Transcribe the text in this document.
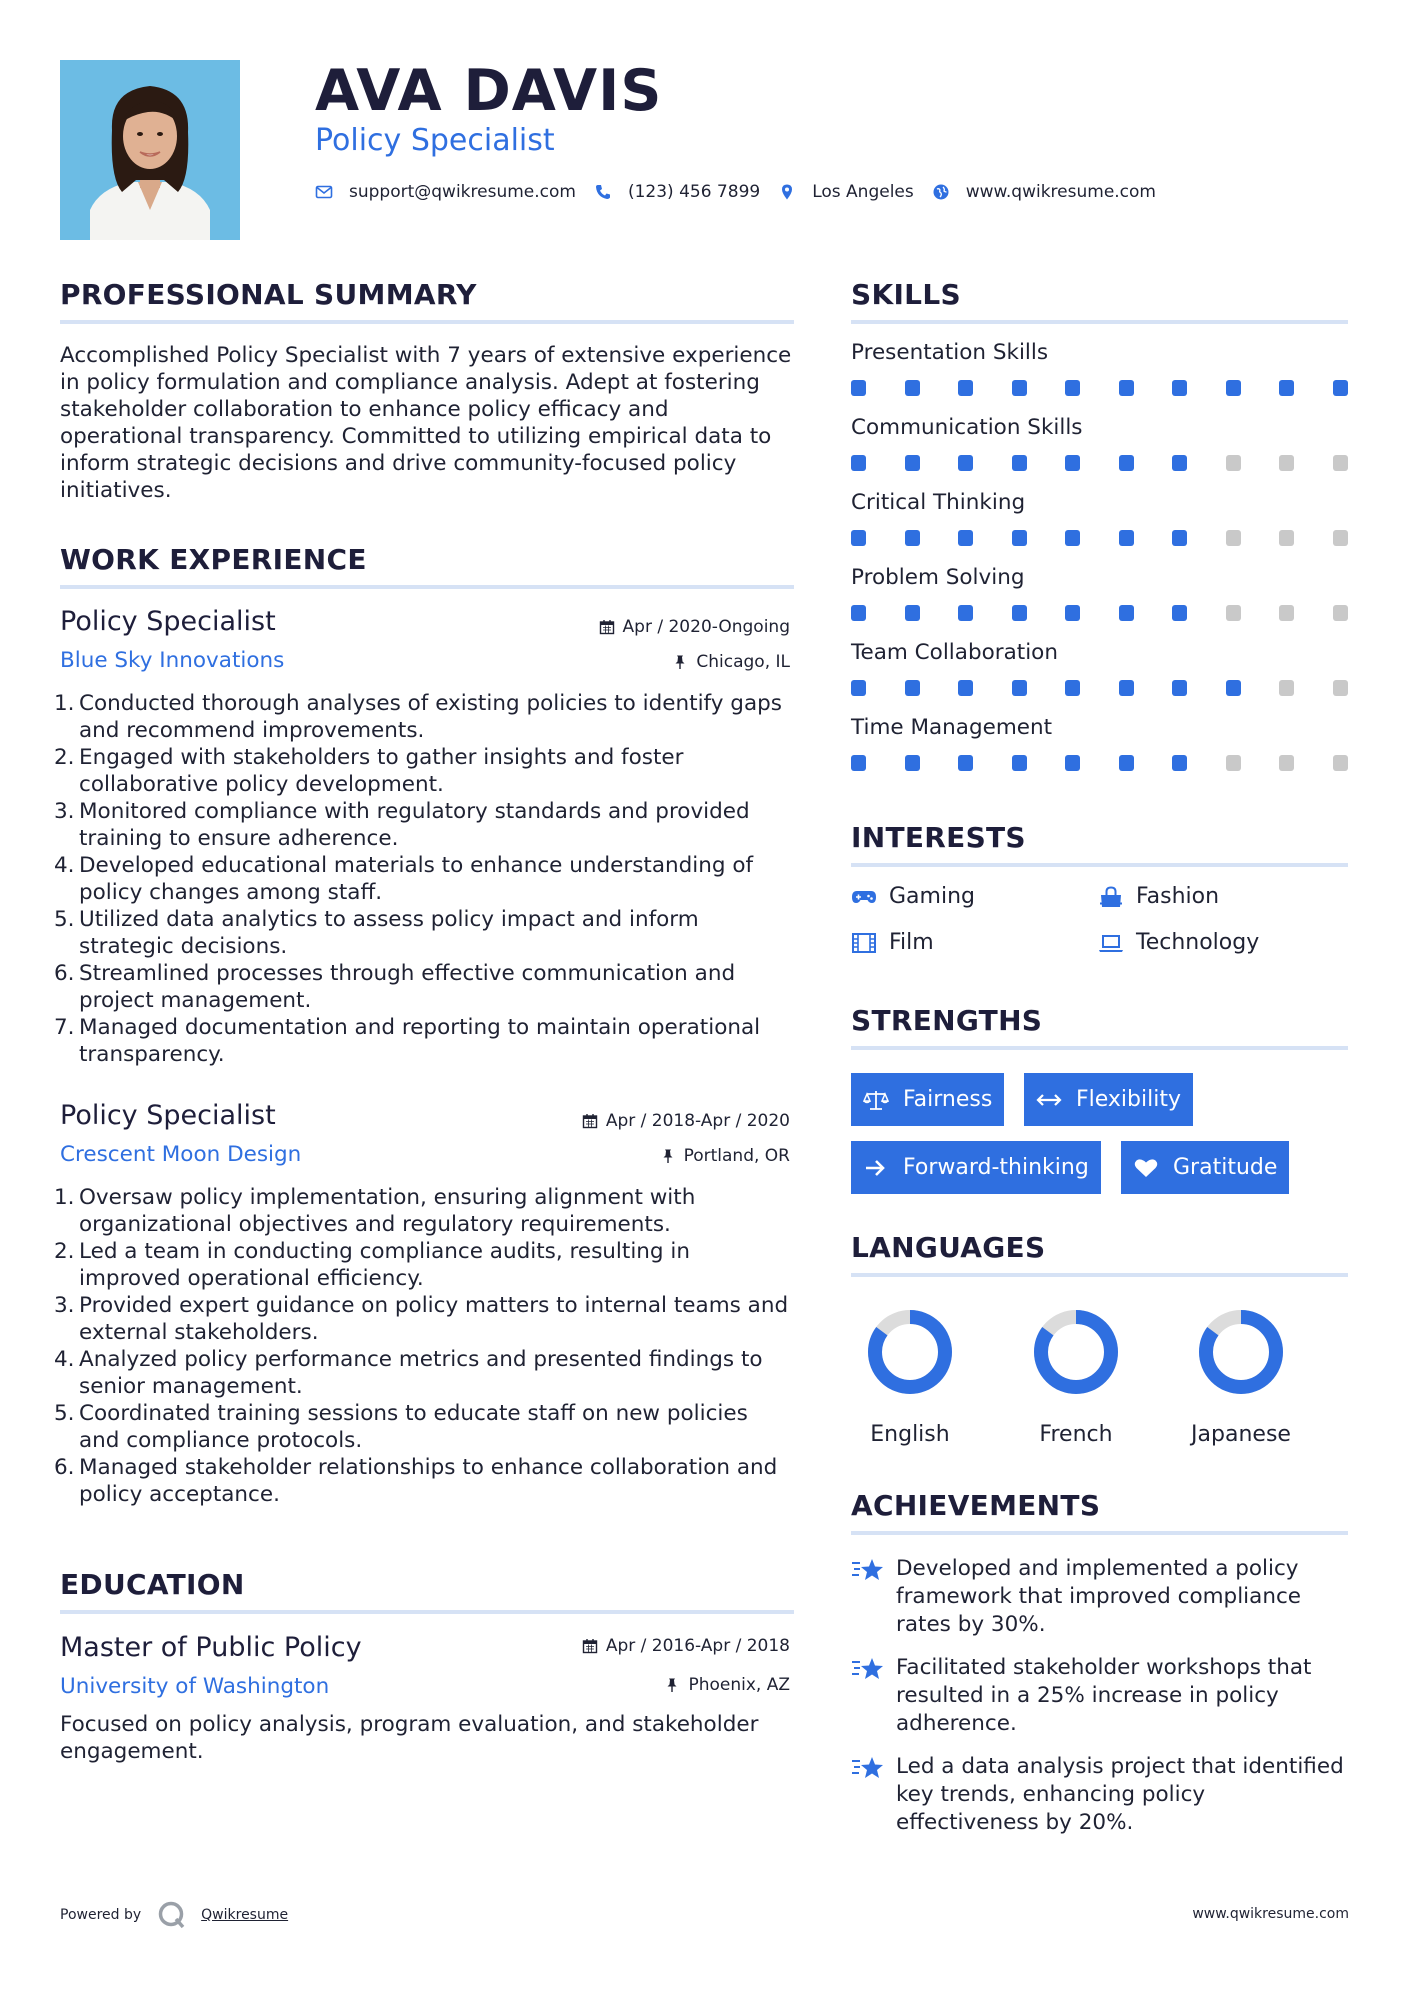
AVA DAVIS
Policy Specialist
support@qwikresume.com	(123) 456 7899	Los Angeles	www.qwikresume.com
PROFESSIONAL SUMMARY
Accomplished Policy Specialist with 7 years of extensive experience in policy formulation and compliance analysis. Adept at fostering stakeholder collaboration to enhance policy efficacy and operational transparency. Committed to utilizing empirical data to inform strategic decisions and drive community-focused policy initiatives.
WORK EXPERIENCE
Policy Specialist	Apr / 2020-Ongoing
Blue Sky Innovations	Chicago, IL
1. Conducted thorough analyses of existing policies to identify gaps and recommend improvements.
2. Engaged with stakeholders to gather insights and foster collaborative policy development.
3. Monitored compliance with regulatory standards and provided training to ensure adherence.
4. Developed educational materials to enhance understanding of policy changes among staff.
5. Utilized data analytics to assess policy impact and inform strategic decisions.
6. Streamlined processes through effective communication and project management.
7. Managed documentation and reporting to maintain operational transparency.
Policy Specialist	Apr / 2018-Apr / 2020
Crescent Moon Design	Portland, OR
1. Oversaw policy implementation, ensuring alignment with organizational objectives and regulatory requirements.
2. Led a team in conducting compliance audits, resulting in improved operational efficiency.
3. Provided expert guidance on policy matters to internal teams and external stakeholders.
4. Analyzed policy performance metrics and presented findings to senior management.
5. Coordinated training sessions to educate staff on new policies and compliance protocols.
6. Managed stakeholder relationships to enhance collaboration and policy acceptance.
EDUCATION
Master of Public Policy	Apr / 2016-Apr / 2018
University of Washington	Phoenix, AZ
Focused on policy analysis, program evaluation, and stakeholder engagement.
SKILLS
Presentation Skills
Communication Skills
Critical Thinking
Problem Solving
Team Collaboration
Time Management
INTERESTS
Gaming	Fashion
Film	Technology
STRENGTHS
Fairness	Flexibility
Forward-thinking	Gratitude
LANGUAGES
English	French	Japanese
ACHIEVEMENTS
Developed and implemented a policy framework that improved compliance rates by 30%.
Facilitated stakeholder workshops that resulted in a 25% increase in policy adherence.
Led a data analysis project that identified key trends, enhancing policy effectiveness by 20%.
Powered by	Qwikresume	www.qwikresume.com
